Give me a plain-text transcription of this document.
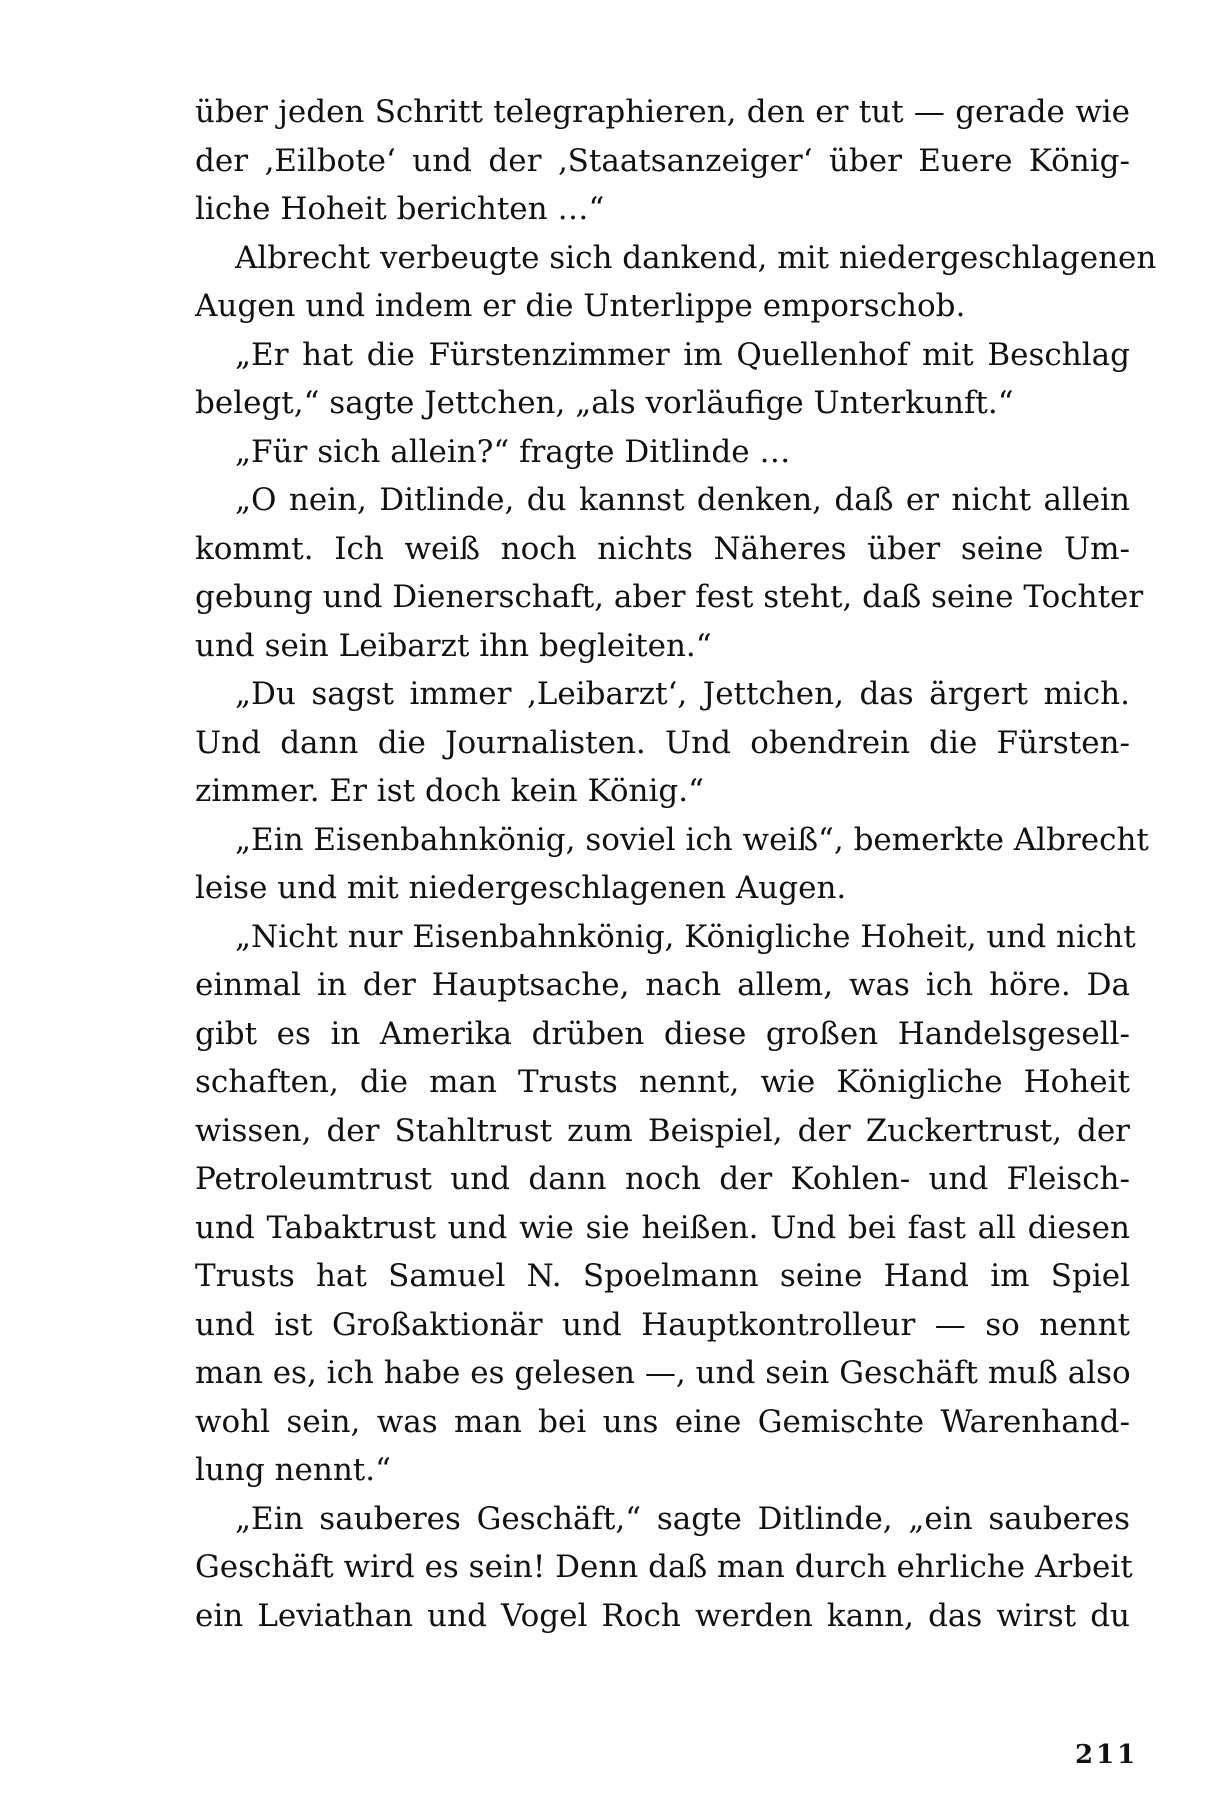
über jeden Schritt telegraphieren, den er tut — gerade wie
der ‚Eilbote‘ und der ‚Staatsanzeiger‘ über Euere König-
liche Hoheit berichten …“
Albrecht verbeugte sich dankend, mit niedergeschlagenen
Augen und indem er die Unterlippe emporschob.
„Er hat die Fürstenzimmer im Quellenhof mit Beschlag
belegt,“ sagte Jettchen, „als vorläufige Unterkunft.“
„Für sich allein?“ fragte Ditlinde …
„O nein, Ditlinde, du kannst denken, daß er nicht allein
kommt. Ich weiß noch nichts Näheres über seine Um-
gebung und Dienerschaft, aber fest steht, daß seine Tochter
und sein Leibarzt ihn begleiten.“
„Du sagst immer ‚Leibarzt‘, Jettchen, das ärgert mich.
Und dann die Journalisten. Und obendrein die Fürsten-
zimmer. Er ist doch kein König.“
„Ein Eisenbahnkönig, soviel ich weiß“, bemerkte Albrecht
leise und mit niedergeschlagenen Augen.
„Nicht nur Eisenbahnkönig, Königliche Hoheit, und nicht
einmal in der Hauptsache, nach allem, was ich höre. Da
gibt es in Amerika drüben diese großen Handelsgesell-
schaften, die man Trusts nennt, wie Königliche Hoheit
wissen, der Stahltrust zum Beispiel, der Zuckertrust, der
Petroleumtrust und dann noch der Kohlen- und Fleisch-
und Tabaktrust und wie sie heißen. Und bei fast all diesen
Trusts hat Samuel N. Spoelmann seine Hand im Spiel
und ist Großaktionär und Hauptkontrolleur — so nennt
man es, ich habe es gelesen —, und sein Geschäft muß also
wohl sein, was man bei uns eine Gemischte Warenhand-
lung nennt.“
„Ein sauberes Geschäft,“ sagte Ditlinde, „ein sauberes
Geschäft wird es sein! Denn daß man durch ehrliche Arbeit
ein Leviathan und Vogel Roch werden kann, das wirst du
211
